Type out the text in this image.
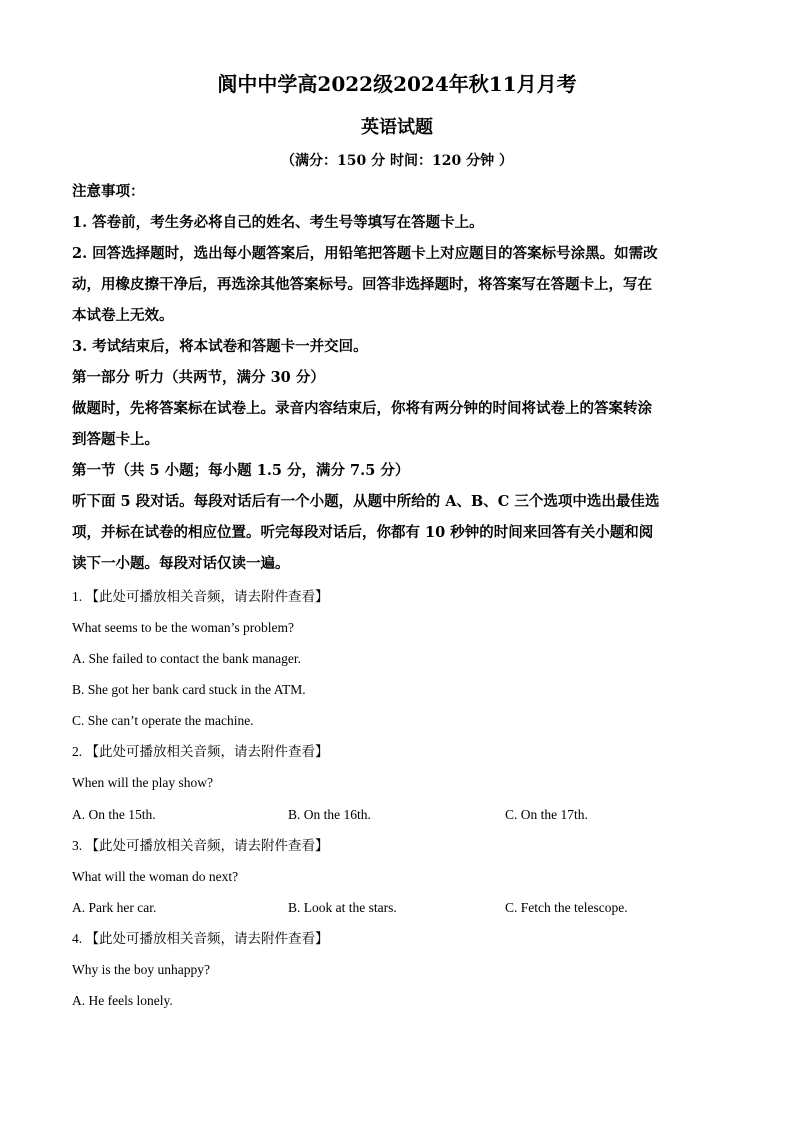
阆中中学高2022级2024年秋11月月考
英语试题
（满分：150 分 时间：120 分钟 ）
注意事项：
1. 答卷前，考生务必将自己的姓名、考生号等填写在答题卡上。
2. 回答选择题时，选出每小题答案后，用铅笔把答题卡上对应题目的答案标号涂黑。如需改
动，用橡皮擦干净后，再选涂其他答案标号。回答非选择题时，将答案写在答题卡上，写在
本试卷上无效。
3. 考试结束后，将本试卷和答题卡一并交回。
第一部分 听力（共两节，满分 30 分）
做题时，先将答案标在试卷上。录音内容结束后，你将有两分钟的时间将试卷上的答案转涂
到答题卡上。
第一节（共 5 小题；每小题 1.5 分，满分 7.5 分）
听下面 5 段对话。每段对话后有一个小题，从题中所给的 A、B、C 三个选项中选出最佳选
项，并标在试卷的相应位置。听完每段对话后，你都有 10 秒钟的时间来回答有关小题和阅
读下一小题。每段对话仅读一遍。
1. 【此处可播放相关音频，请去附件查看】
What seems to be the woman’s problem?
A. She failed to contact the bank manager.
B. She got her bank card stuck in the ATM.
C. She can’t operate the machine.
2. 【此处可播放相关音频，请去附件查看】
When will the play show?
A. On the 15th.	B. On the 16th.	C. On the 17th.
3. 【此处可播放相关音频，请去附件查看】
What will the woman do next?
A. Park her car.	B. Look at the stars.	C. Fetch the telescope.
4. 【此处可播放相关音频，请去附件查看】
Why is the boy unhappy?
A. He feels lonely.
